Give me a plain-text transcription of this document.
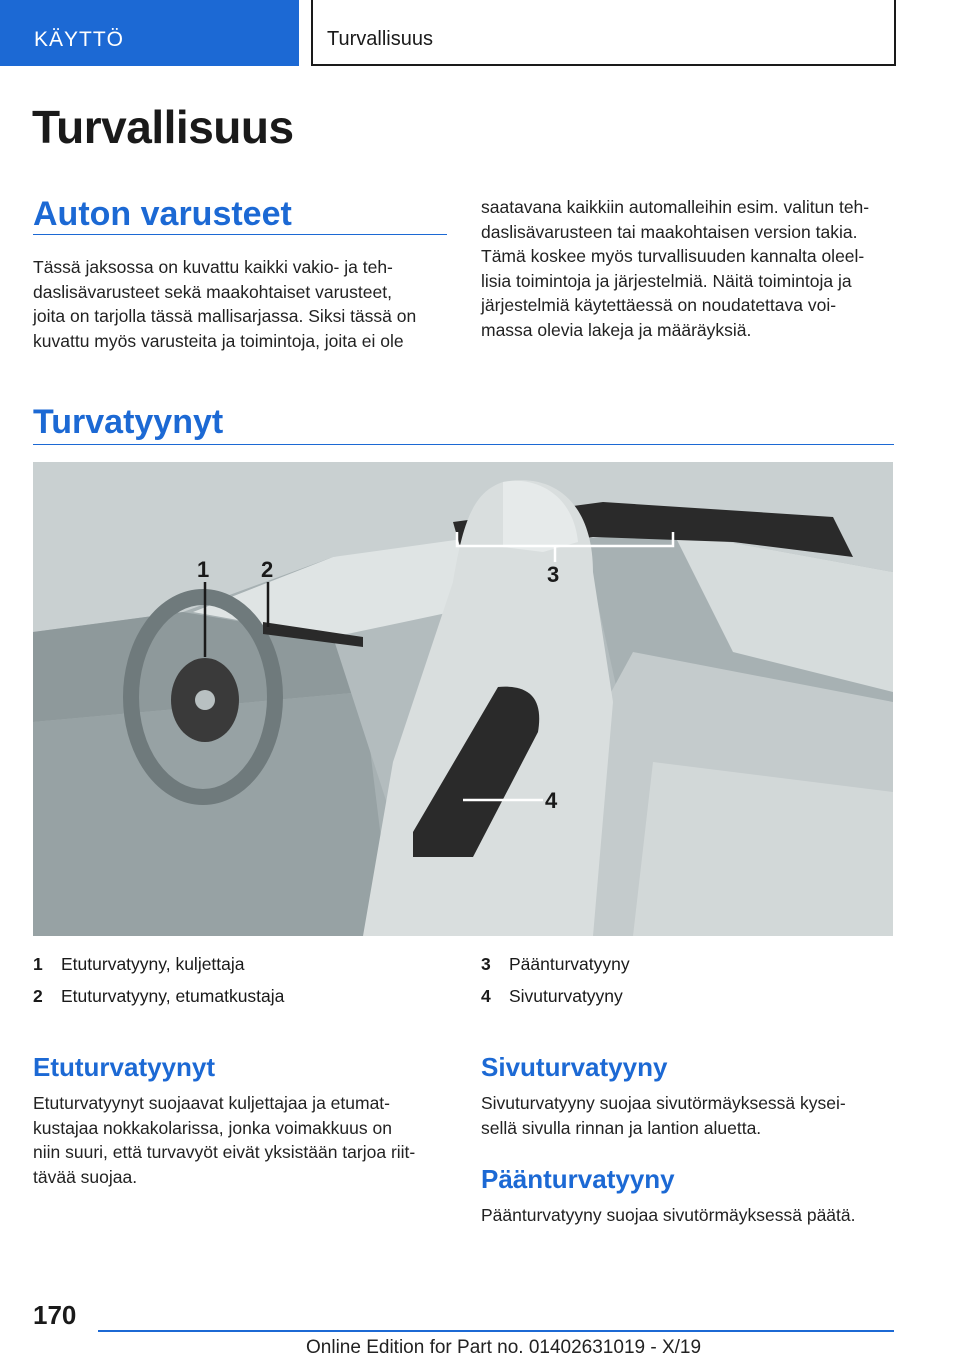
KÄYTTÖ	Turvallisuus
Turvallisuus
Auton varusteet
Tässä jaksossa on kuvattu kaikki vakio- ja teh-
daslisävarusteet sekä maakohtaiset varusteet,
joita on tarjolla tässä mallisarjassa. Siksi tässä on
kuvattu myös varusteita ja toimintoja, joita ei ole
saatavana kaikkiin automalleihin esim. valitun teh-
daslisävarusteen tai maakohtaisen version takia.
Tämä koskee myös turvallisuuden kannalta oleel-
lisia toimintoja ja järjestelmiä. Näitä toimintoja ja
järjestelmiä käytettäessä on noudatettava voi-
massa olevia lakeja ja määräyksiä.
Turvatyynyt
1 2	3
4
1	Etuturvatyyny, kuljettaja
2	Etuturvatyyny, etumatkustaja
3	Päänturvatyyny
4	Sivuturvatyyny
Etuturvatyynyt
Etuturvatyynyt suojaavat kuljettajaa ja etumat-
kustajaa nokkakolarissa, jonka voimakkuus on
niin suuri, että turvavyöt eivät yksistään tarjoa riit-
tävää suojaa.
Sivuturvatyyny
Sivuturvatyyny suojaa sivutörmäyksessä kysei-
sellä sivulla rinnan ja lantion aluetta.
Päänturvatyyny
Päänturvatyyny suojaa sivutörmäyksessä päätä.
170
Online Edition for Part no. 01402631019 - X/19
